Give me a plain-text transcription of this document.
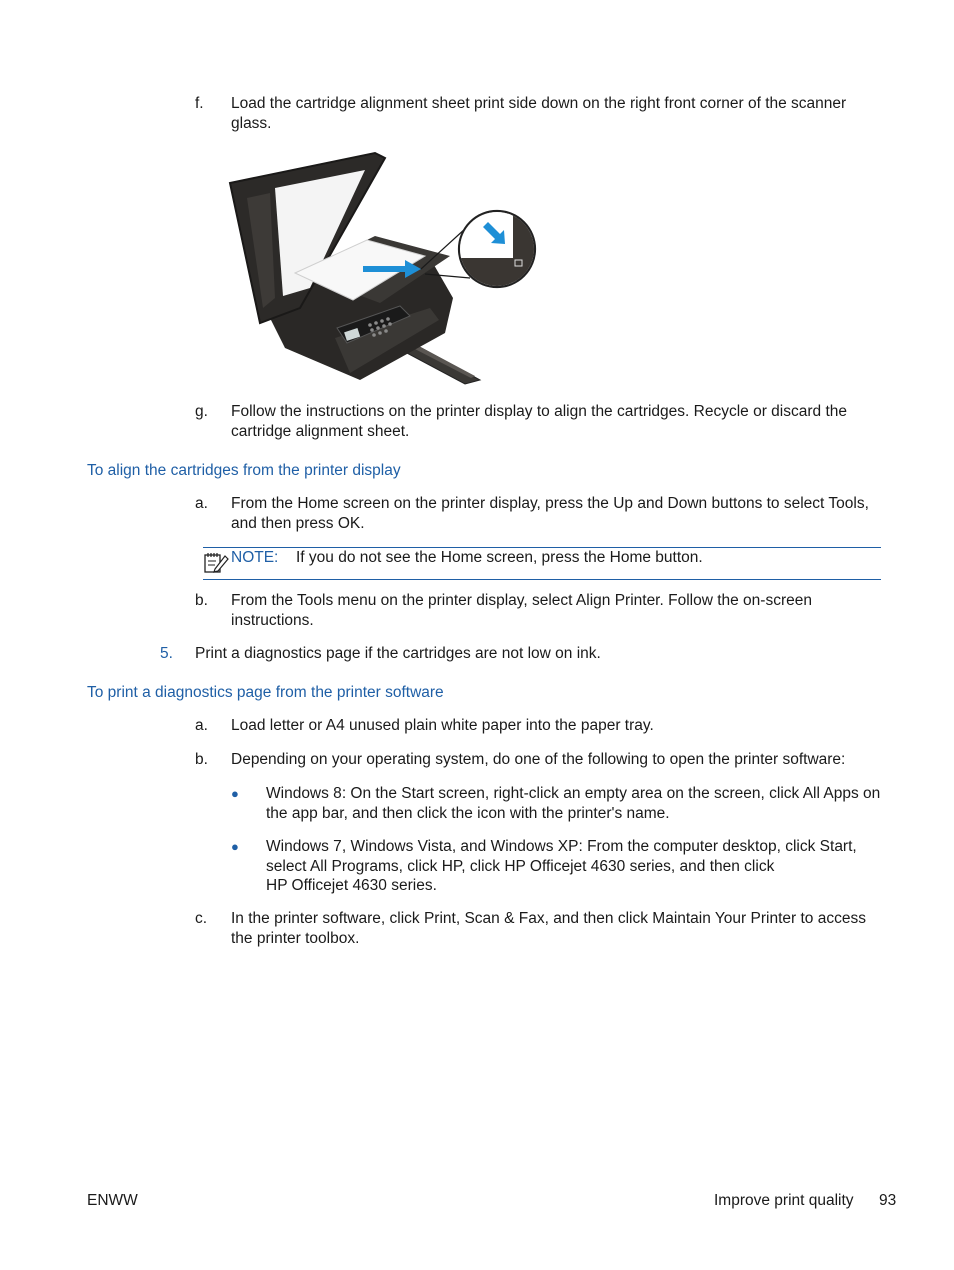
f. Load the cartridge alignment sheet print side down on the right front corner of the scanner glass.
g. Follow the instructions on the printer display to align the cartridges. Recycle or discard the cartridge alignment sheet.
To align the cartridges from the printer display
a. From the Home screen on the printer display, press the Up and Down buttons to select Tools, and then press OK.
NOTE: If you do not see the Home screen, press the Home button.
b. From the Tools menu on the printer display, select Align Printer. Follow the on-screen instructions.
5. Print a diagnostics page if the cartridges are not low on ink.
To print a diagnostics page from the printer software
a. Load letter or A4 unused plain white paper into the paper tray.
b. Depending on your operating system, do one of the following to open the printer software:
● Windows 8: On the Start screen, right-click an empty area on the screen, click All Apps on the app bar, and then click the icon with the printer's name.
● Windows 7, Windows Vista, and Windows XP: From the computer desktop, click Start, select All Programs, click HP, click HP Officejet 4630 series, and then click
HP Officejet 4630 series.
c. In the printer software, click Print, Scan & Fax, and then click Maintain Your Printer to access the printer toolbox.
ENWW	Improve print quality 93
